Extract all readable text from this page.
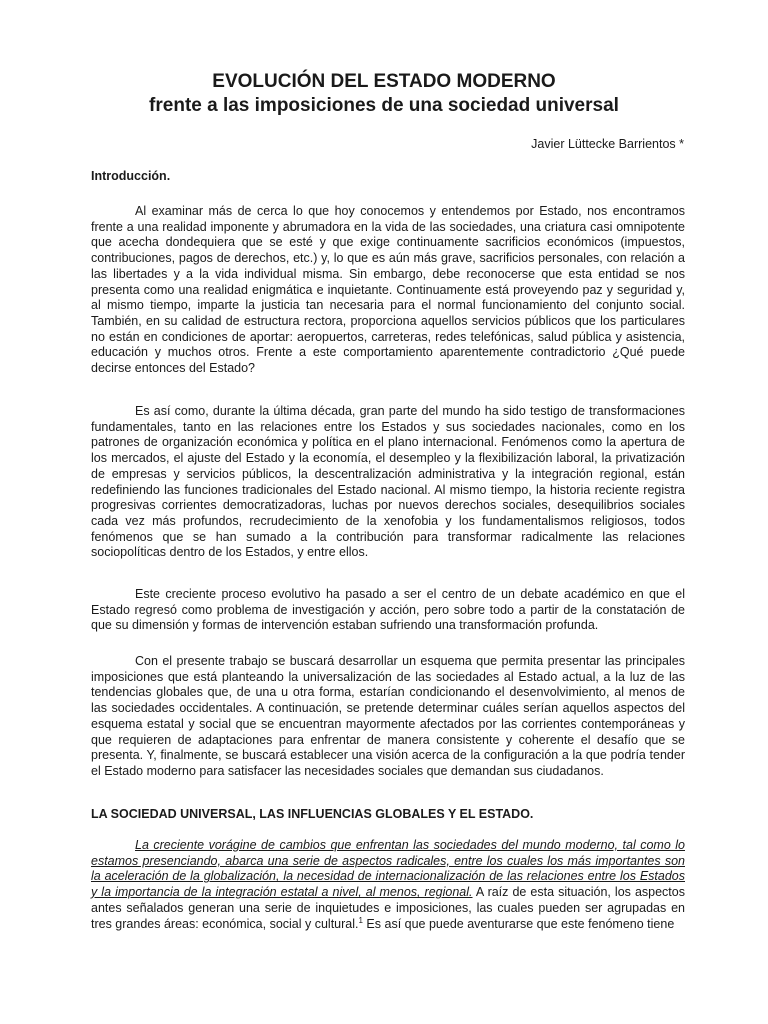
EVOLUCIÓN DEL ESTADO MODERNO
frente a las imposiciones de una sociedad universal

Javier Lüttecke Barrientos *

Introducción.

Al examinar más de cerca lo que hoy conocemos y entendemos por Estado, nos encontramos frente a una realidad imponente y abrumadora en la vida de las sociedades, una criatura casi omnipotente que acecha dondequiera que se esté y que exige continuamente sacrificios económicos (impuestos, contribuciones, pagos de derechos, etc.) y, lo que es aún más grave, sacrificios personales, con relación a las libertades y a la vida individual misma. Sin embargo, debe reconocerse que esta entidad se nos presenta como una realidad enigmática e inquietante. Continuamente está proveyendo paz y seguridad y, al mismo tiempo, imparte la justicia tan necesaria para el normal funcionamiento del conjunto social. También, en su calidad de estructura rectora, proporciona aquellos servicios públicos que los particulares no están en condiciones de aportar: aeropuertos, carreteras, redes telefónicas, salud pública y asistencia, educación y muchos otros. Frente a este comportamiento aparentemente contradictorio ¿Qué puede decirse entonces del Estado?

Es así como, durante la última década, gran parte del mundo ha sido testigo de transformaciones fundamentales, tanto en las relaciones entre los Estados y sus sociedades nacionales, como en los patrones de organización económica y política en el plano internacional. Fenómenos como la apertura de los mercados, el ajuste del Estado y la economía, el desempleo y la flexibilización laboral, la privatización de empresas y servicios públicos, la descentralización administrativa y la integración regional, están redefiniendo las funciones tradicionales del Estado nacional. Al mismo tiempo, la historia reciente registra progresivas corrientes democratizadoras, luchas por nuevos derechos sociales, desequilibrios sociales cada vez más profundos, recrudecimiento de la xenofobia y los fundamentalismos religiosos, todos fenómenos que se han sumado a la contribución para transformar radicalmente las relaciones sociopolíticas dentro de los Estados, y entre ellos.

Este creciente proceso evolutivo ha pasado a ser el centro de un debate académico en que el Estado regresó como problema de investigación y acción, pero sobre todo a partir de la constatación de que su dimensión y formas de intervención estaban sufriendo una transformación profunda.

Con el presente trabajo se buscará desarrollar un esquema que permita presentar las principales imposiciones que está planteando la universalización de las sociedades al Estado actual, a la luz de las tendencias globales que, de una u otra forma, estarían condicionando el desenvolvimiento, al menos de las sociedades occidentales. A continuación, se pretende determinar cuáles serían aquellos aspectos del esquema estatal y social que se encuentran mayormente afectados por las corrientes contemporáneas y que requieren de adaptaciones para enfrentar de manera consistente y coherente el desafío que se presenta. Y, finalmente, se buscará establecer una visión acerca de la configuración a la que podría tender el Estado moderno para satisfacer las necesidades sociales que demandan sus ciudadanos.

LA SOCIEDAD UNIVERSAL, LAS INFLUENCIAS GLOBALES Y EL ESTADO.

La creciente vorágine de cambios que enfrentan las sociedades del mundo moderno, tal como lo estamos presenciando, abarca una serie de aspectos radicales, entre los cuales los más importantes son la aceleración de la globalización, la necesidad de internacionalización de las relaciones entre los Estados y la importancia de la integración estatal a nivel, al menos, regional. A raíz de esta situación, los aspectos antes señalados generan una serie de inquietudes e imposiciones, las cuales pueden ser agrupadas en tres grandes áreas: económica, social y cultural.$^1$ Es así que puede aventurarse que este fenómeno tiene
